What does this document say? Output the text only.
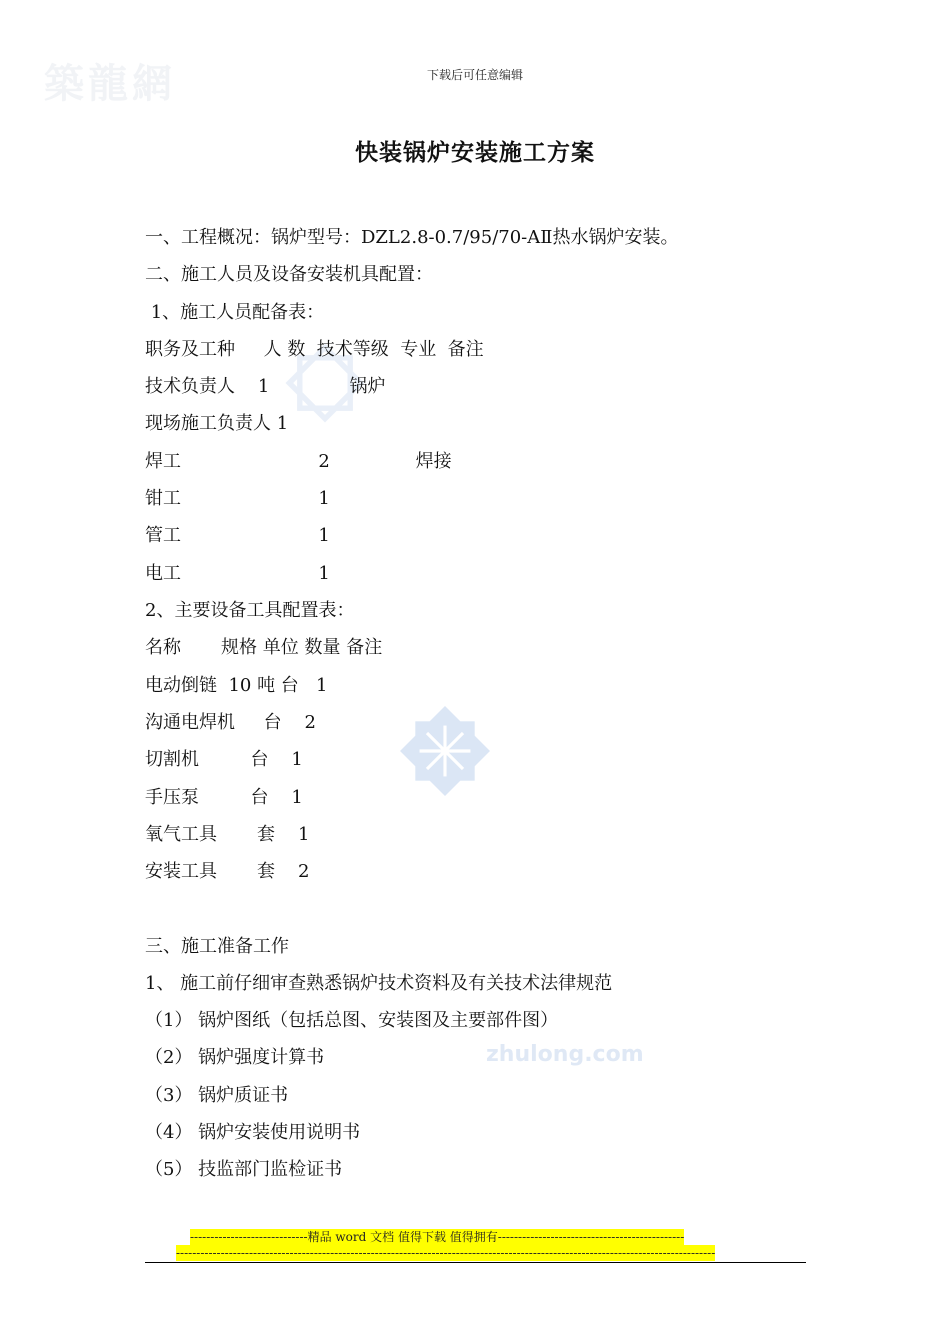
築龍網
zhulong.com
下载后可任意编辑
快装锅炉安装施工方案
一、工程概况：锅炉型号：DZL2.8-0.7/95/70-AⅡ热水锅炉安装。
二、施工人员及设备安装机具配置：
1、施工人员配备表：
职务及工种     人 数  技术等级  专业  备注
技术负责人    1              锅炉
现场施工负责人 1
焊工                        2               焊接
钳工                        1
管工                        1
电工                        1
2、主要设备工具配置表：
名称       规格 单位 数量 备注
电动倒链  10 吨 台   1
沟通电焊机     台    2
切割机         台    1
手压泵         台    1
氧气工具       套    1
安装工具       套    2
三、施工准备工作
1、 施工前仔细审查熟悉锅炉技术资料及有关技术法律规范
（1） 锅炉图纸（包括总图、安装图及主要部件图）
（2） 锅炉强度计算书
（3） 锅炉质证书
（4） 锅炉安装使用说明书
（5） 技监部门监检证书
-----------------------------精品 word 文档 值得下载 值得拥有----------------------------------------------
-------------------------------------------------------------------------------------------------------------------------------------
